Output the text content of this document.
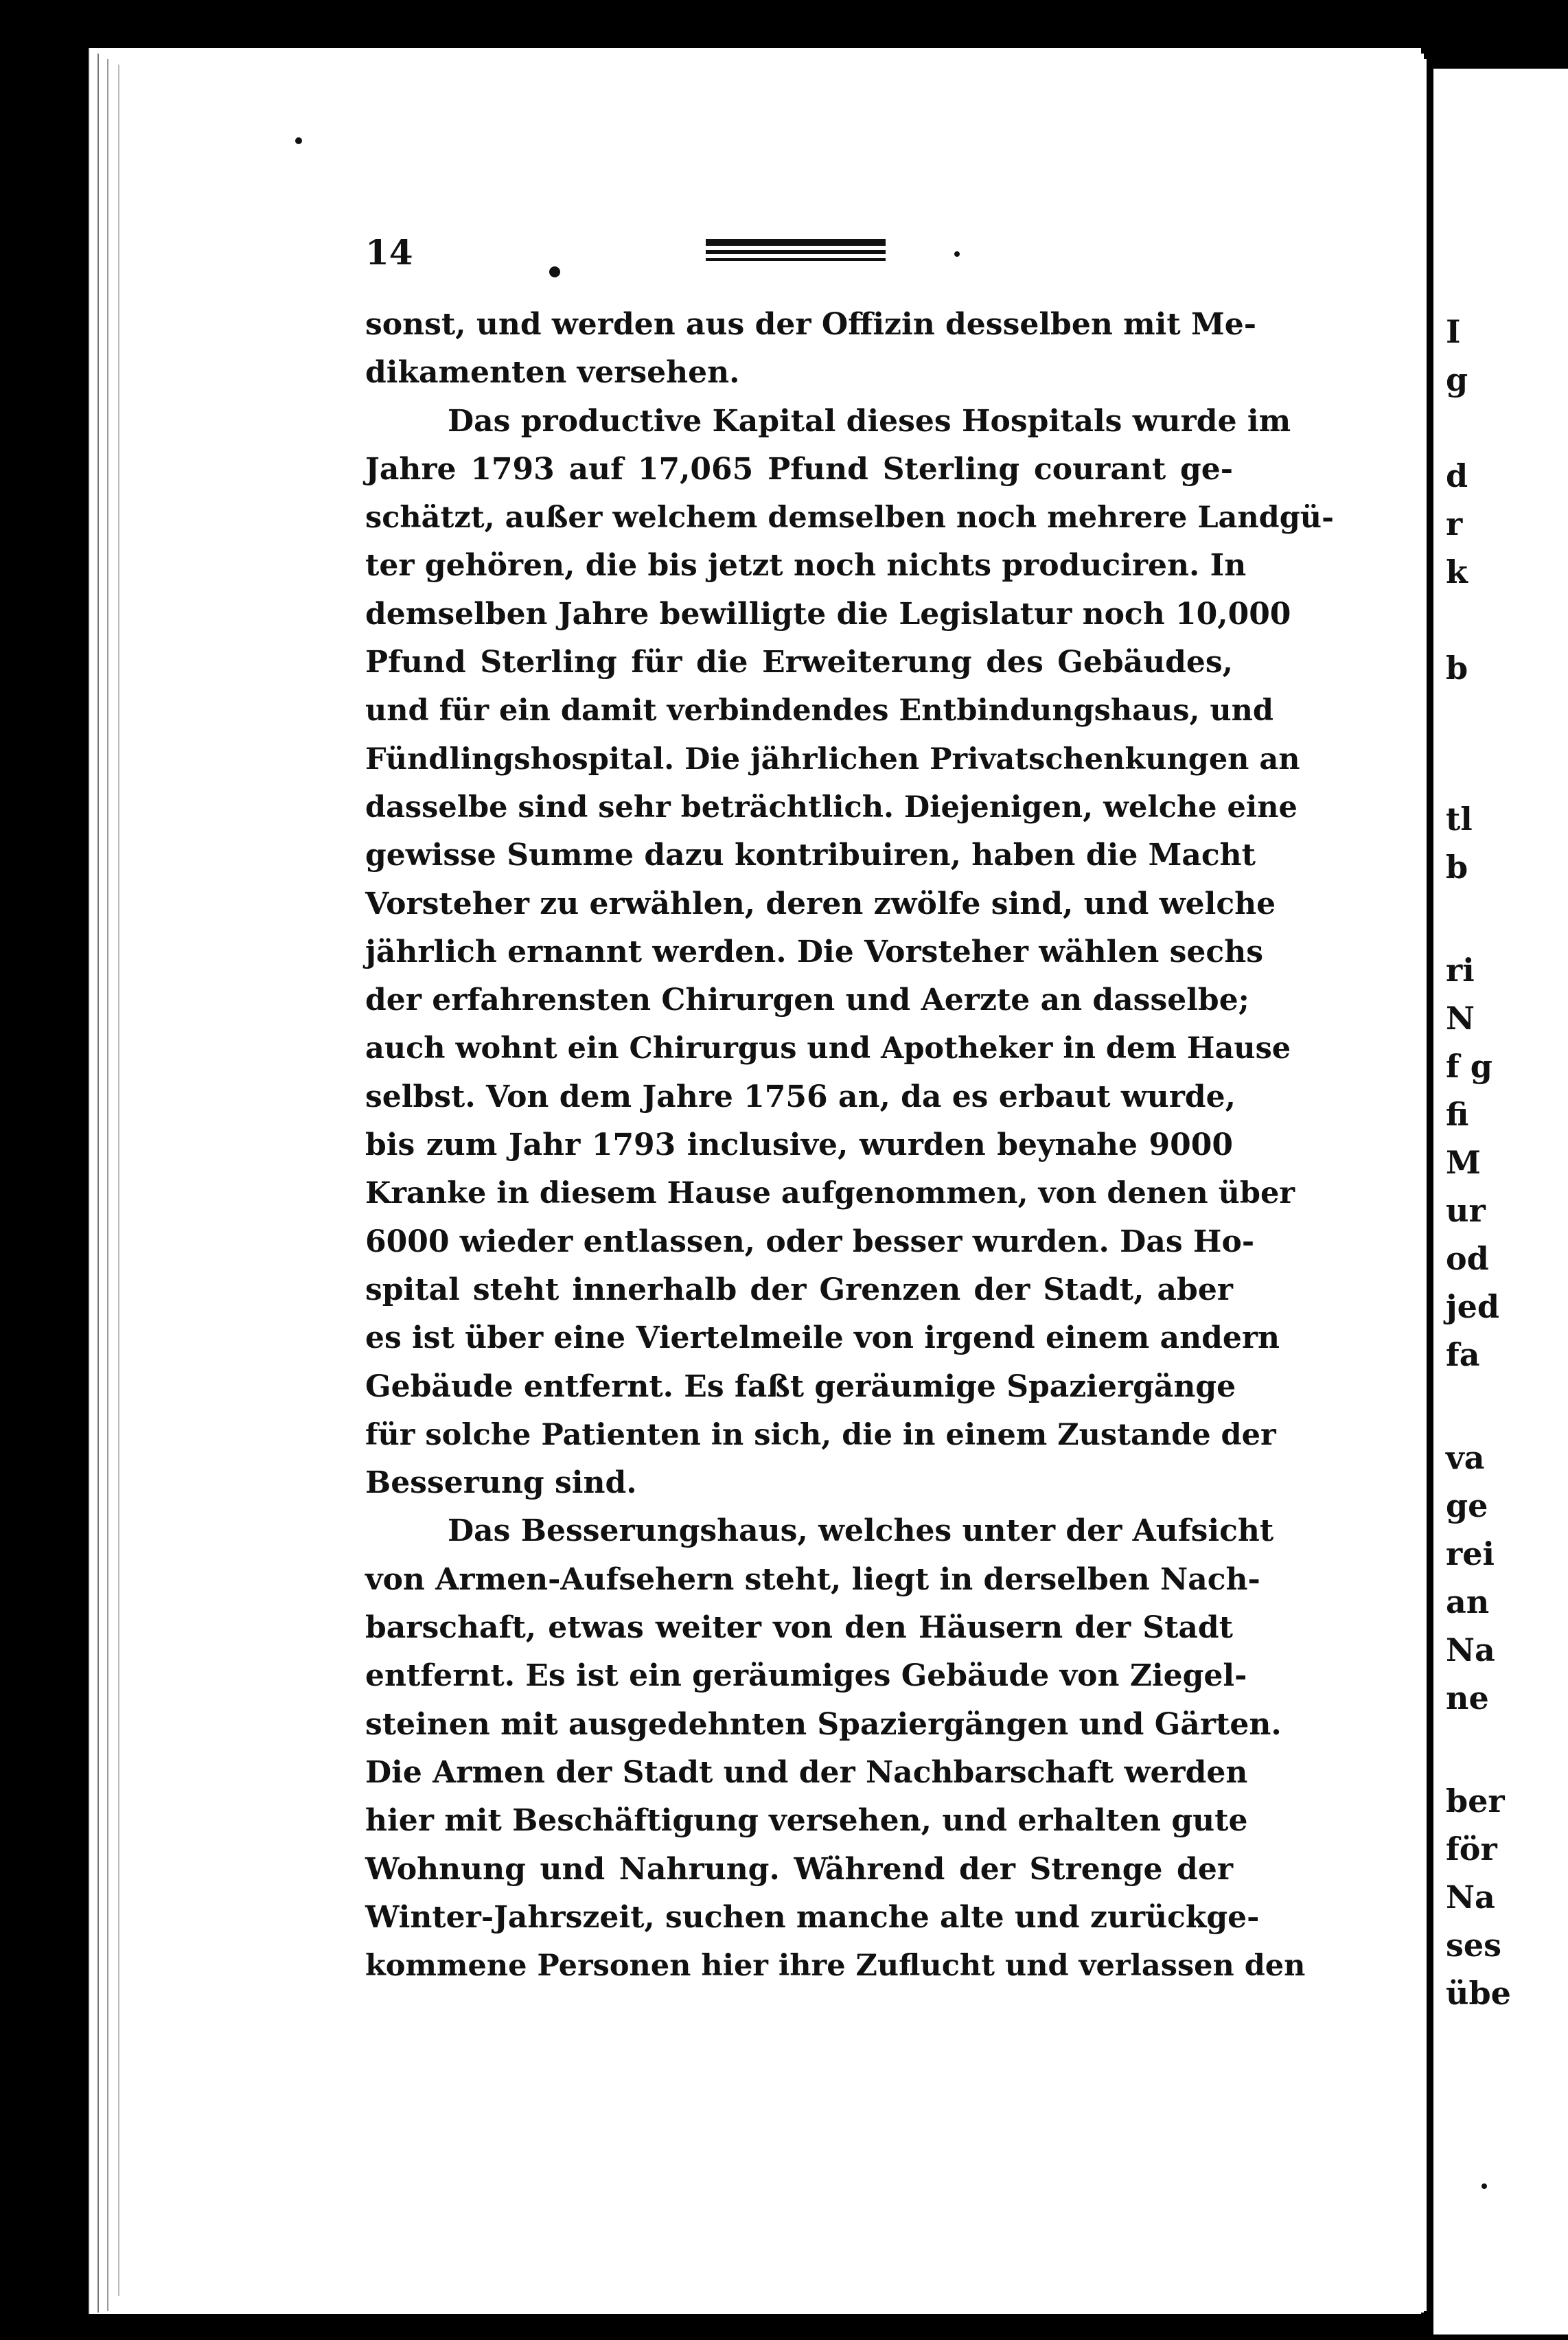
I
g
d
r
k
b
tl
b
ri
N
f g
fi
M
ur
od
jed
fa
va
ge
rei
an
Na
ne
ber
för
Na
ses
übe
14
sonst, und werden aus der Offizin desselben mit Me-
dikamenten versehen.
Das productive Kapital dieses Hospitals wurde im
Jahre 1793 auf 17,065 Pfund Sterling courant ge-
schätzt, außer welchem demselben noch mehrere Landgü-
ter gehören, die bis jetzt noch nichts produciren. In
demselben Jahre bewilligte die Legislatur noch 10,000
Pfund Sterling für die Erweiterung des Gebäudes,
und für ein damit verbindendes Entbindungshaus, und
Fündlingshospital. Die jährlichen Privatschenkungen an
dasselbe sind sehr beträchtlich. Diejenigen, welche eine
gewisse Summe dazu kontribuiren, haben die Macht
Vorsteher zu erwählen, deren zwölfe sind, und welche
jährlich ernannt werden. Die Vorsteher wählen sechs
der erfahrensten Chirurgen und Aerzte an dasselbe;
auch wohnt ein Chirurgus und Apotheker in dem Hause
selbst. Von dem Jahre 1756 an, da es erbaut wurde,
bis zum Jahr 1793 inclusive, wurden beynahe 9000
Kranke in diesem Hause aufgenommen, von denen über
6000 wieder entlassen, oder besser wurden. Das Ho-
spital steht innerhalb der Grenzen der Stadt, aber
es ist über eine Viertelmeile von irgend einem andern
Gebäude entfernt. Es faßt geräumige Spaziergänge
für solche Patienten in sich, die in einem Zustande der
Besserung sind.
Das Besserungshaus, welches unter der Aufsicht
von Armen-Aufsehern steht, liegt in derselben Nach-
barschaft, etwas weiter von den Häusern der Stadt
entfernt. Es ist ein geräumiges Gebäude von Ziegel-
steinen mit ausgedehnten Spaziergängen und Gärten.
Die Armen der Stadt und der Nachbarschaft werden
hier mit Beschäftigung versehen, und erhalten gute
Wohnung und Nahrung. Während der Strenge der
Winter-Jahrszeit, suchen manche alte und zurückge-
kommene Personen hier ihre Zuflucht und verlassen den
